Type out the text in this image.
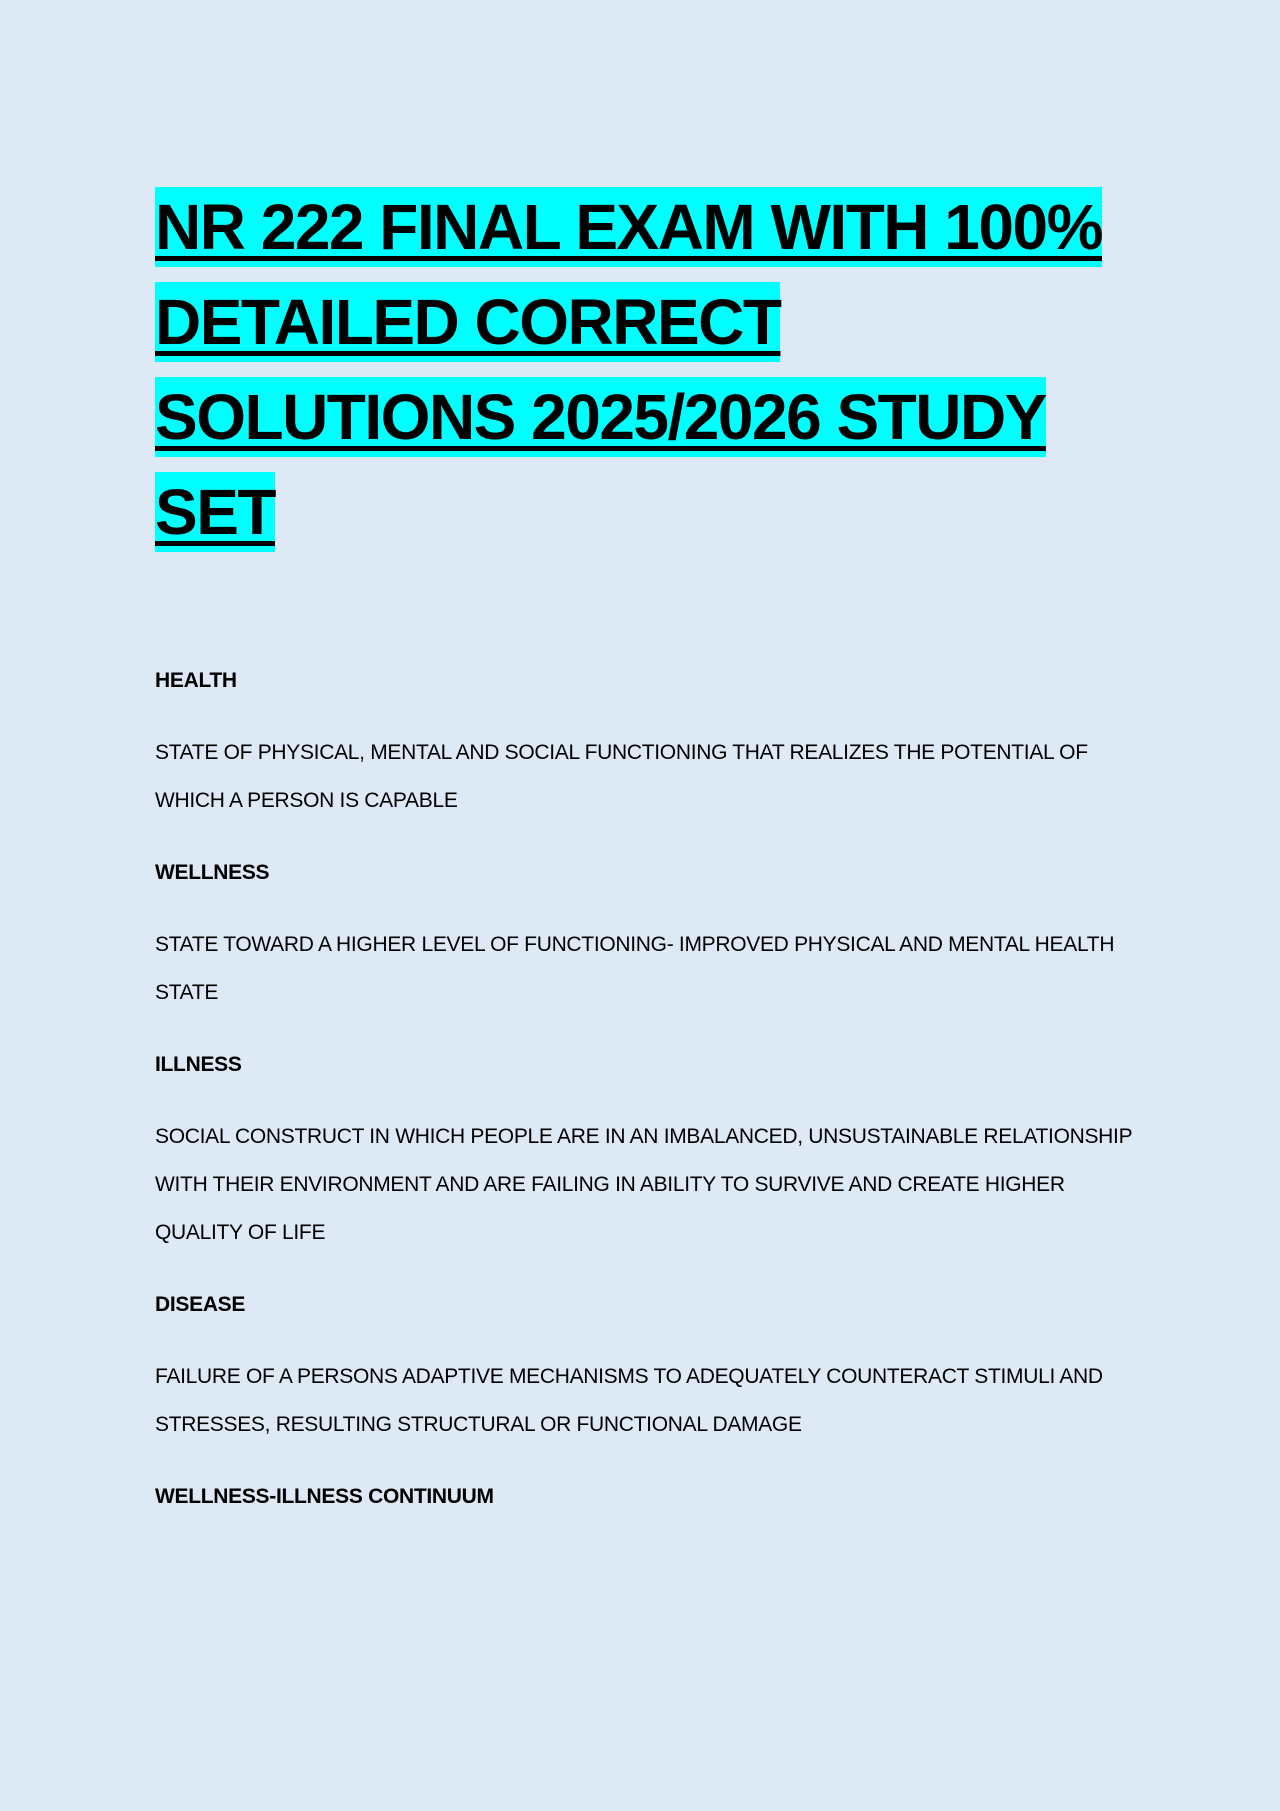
NR 222 FINAL EXAM WITH 100% DETAILED CORRECT SOLUTIONS 2025/2026 STUDY SET

HEALTH

STATE OF PHYSICAL, MENTAL AND SOCIAL FUNCTIONING THAT REALIZES THE POTENTIAL OF WHICH A PERSON IS CAPABLE

WELLNESS

STATE TOWARD A HIGHER LEVEL OF FUNCTIONING- IMPROVED PHYSICAL AND MENTAL HEALTH STATE

ILLNESS

SOCIAL CONSTRUCT IN WHICH PEOPLE ARE IN AN IMBALANCED, UNSUSTAINABLE RELATIONSHIP WITH THEIR ENVIRONMENT AND ARE FAILING IN ABILITY TO SURVIVE AND CREATE HIGHER QUALITY OF LIFE

DISEASE

FAILURE OF A PERSONS ADAPTIVE MECHANISMS TO ADEQUATELY COUNTERACT STIMULI AND STRESSES, RESULTING STRUCTURAL OR FUNCTIONAL DAMAGE

WELLNESS-ILLNESS CONTINUUM
